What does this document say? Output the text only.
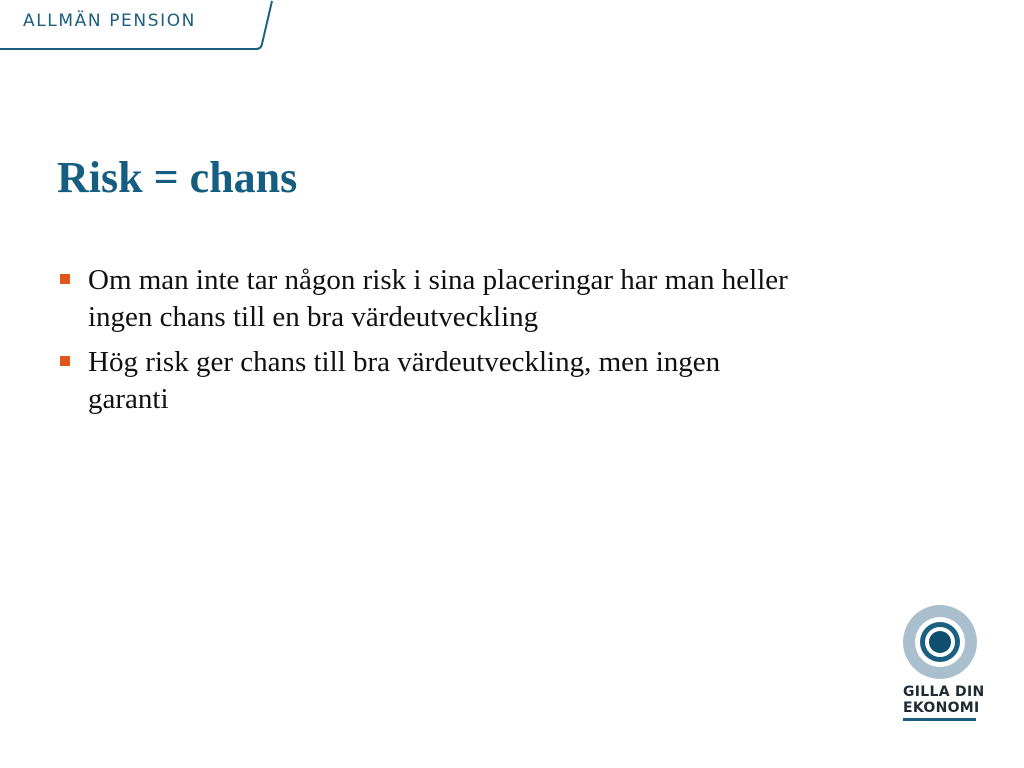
ALLMÄN PENSION
Risk = chans
Om man inte tar någon risk i sina placeringar har man heller ingen chans till en bra värdeutveckling
Hög risk ger chans till bra värdeutveckling, men ingen garanti
GILLA DIN
EKONOMI
